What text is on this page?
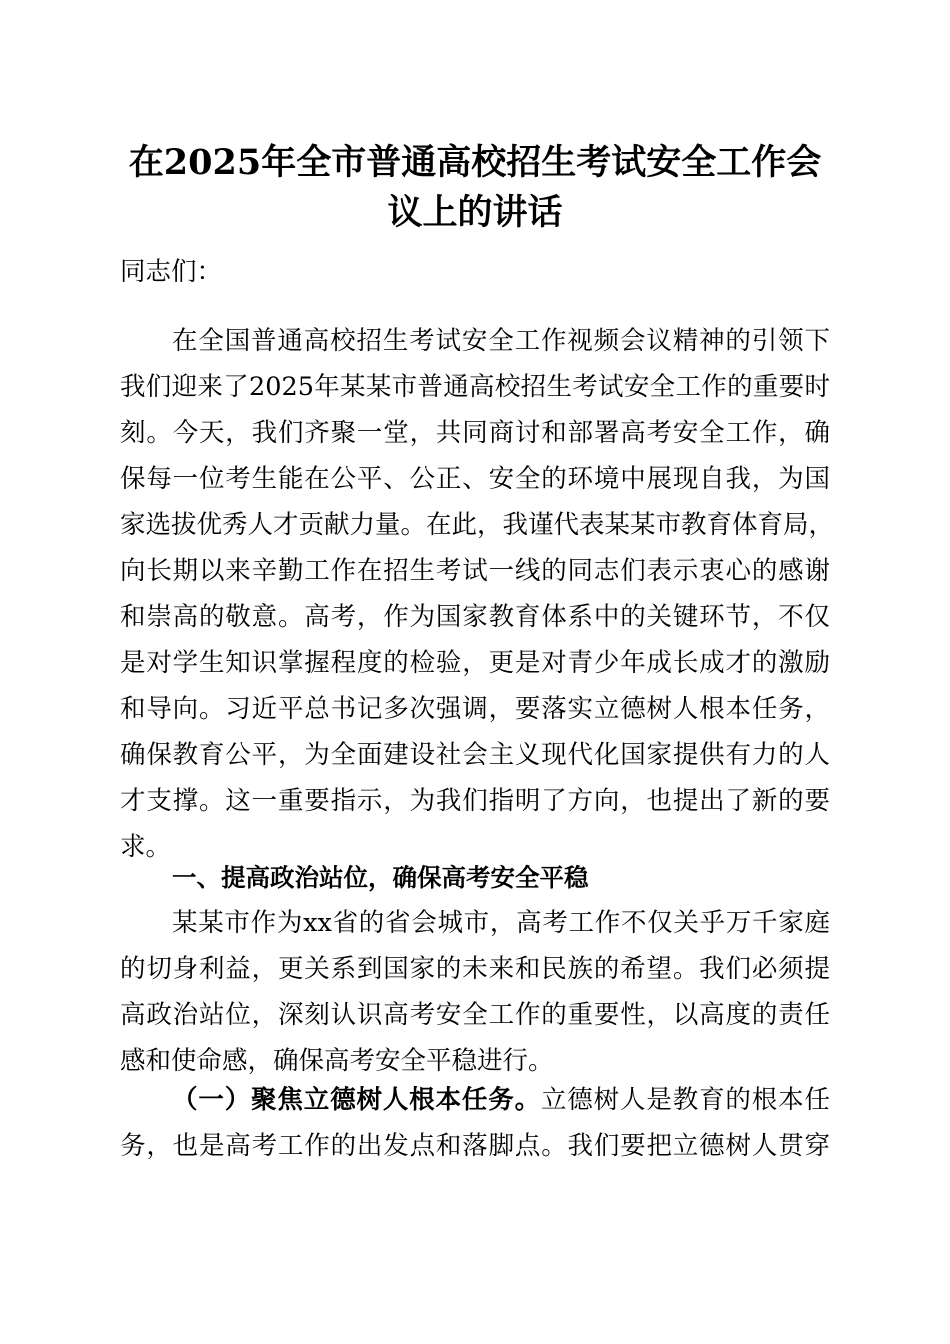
在2025年全市普通高校招生考试安全工作会
议上的讲话

同志们：

在全国普通高校招生考试安全工作视频会议精神的引领下
我们迎来了2025年某某市普通高校招生考试安全工作的重要时
刻。今天，我们齐聚一堂，共同商讨和部署高考安全工作，确
保每一位考生能在公平、公正、安全的环境中展现自我，为国
家选拔优秀人才贡献力量。在此，我谨代表某某市教育体育局，
向长期以来辛勤工作在招生考试一线的同志们表示衷心的感谢
和崇高的敬意。高考，作为国家教育体系中的关键环节，不仅
是对学生知识掌握程度的检验，更是对青少年成长成才的激励
和导向。习近平总书记多次强调，要落实立德树人根本任务，
确保教育公平，为全面建设社会主义现代化国家提供有力的人
才支撑。这一重要指示，为我们指明了方向，也提出了新的要
求。
一、提高政治站位，确保高考安全平稳
某某市作为xx省的省会城市，高考工作不仅关乎万千家庭
的切身利益，更关系到国家的未来和民族的希望。我们必须提
高政治站位，深刻认识高考安全工作的重要性，以高度的责任
感和使命感，确保高考安全平稳进行。
（一）聚焦立德树人根本任务。立德树人是教育的根本任
务，也是高考工作的出发点和落脚点。我们要把立德树人贯穿
